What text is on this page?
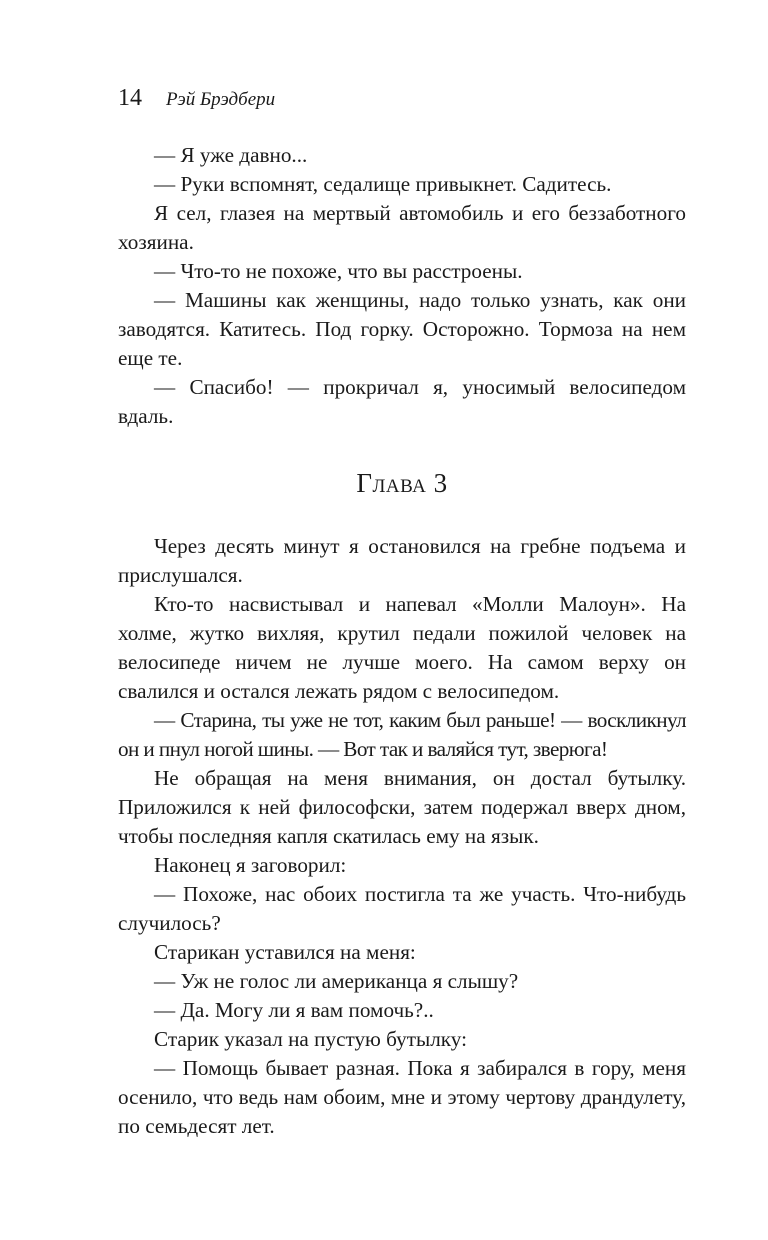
14 Рэй Брэдбери

— Я уже давно...

— Руки вспомнят, седалище привыкнет. Садитесь.

Я сел, глазея на мертвый автомобиль и его беззаботного хозяина.

— Что-то не похоже, что вы расстроены.

— Машины как женщины, надо только узнать, как они заводятся. Катитесь. Под горку. Осторожно. Тормоза на нем еще те.

— Спасибо! — прокричал я, уносимый велосипедом вдаль.

Глава 3

Через десять минут я остановился на гребне подъема и прислушался.

Кто-то насвистывал и напевал «Молли Малоун». На холме, жутко вихляя, крутил педали пожилой человек на велосипеде ничем не лучше моего. На самом верху он свалился и остался лежать рядом с велосипедом.

— Старина, ты уже не тот, каким был раньше! — воскликнул он и пнул ногой шины. — Вот так и валяйся тут, зверюга!

Не обращая на меня внимания, он достал бутылку. Приложился к ней философски, затем подержал вверх дном, чтобы последняя капля скатилась ему на язык.

Наконец я заговорил:

— Похоже, нас обоих постигла та же участь. Что-нибудь случилось?

Старикан уставился на меня:

— Уж не голос ли американца я слышу?

— Да. Могу ли я вам помочь?..

Старик указал на пустую бутылку:

— Помощь бывает разная. Пока я забирался в гору, меня осенило, что ведь нам обоим, мне и этому чертову драндулету, по семьдесят лет.
